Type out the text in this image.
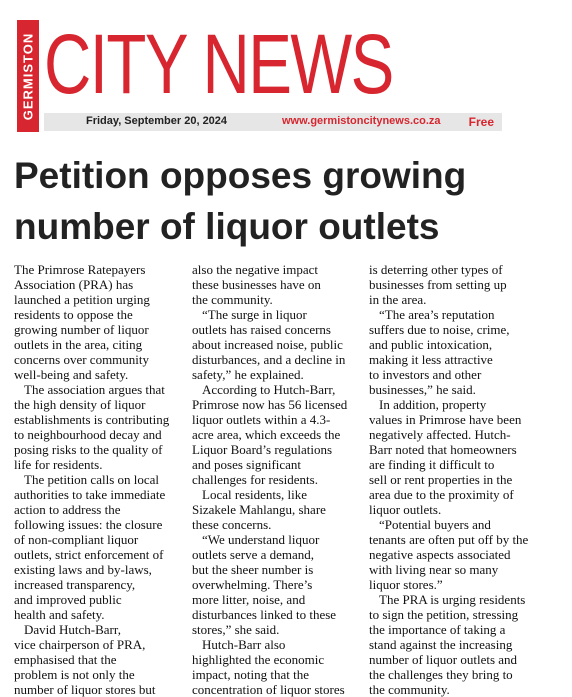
GERMISTON CITY NEWS
Friday, September 20, 2024	www.germistoncitynews.co.za Free
Petition opposes growing
number of liquor outlets
The Primrose Ratepayers
Association (PRA) has
launched a petition urging
residents to oppose the
growing number of liquor
outlets in the area, citing
concerns over community
well-being and safety.
The association argues that
the high density of liquor
establishments is contributing
to neighbourhood decay and
posing risks to the quality of
life for residents.
The petition calls on local
authorities to take immediate
action to address the
following issues: the closure
of non-compliant liquor
outlets, strict enforcement of
existing laws and by-laws,
increased transparency,
and improved public
health and safety.
David Hutch-Barr,
vice chairperson of PRA,
emphasised that the
problem is not only the
number of liquor stores but
also the negative impact
these businesses have on
the community.
“The surge in liquor
outlets has raised concerns
about increased noise, public
disturbances, and a decline in
safety,” he explained.
According to Hutch-Barr,
Primrose now has 56 licensed
liquor outlets within a 4.3-
acre area, which exceeds the
Liquor Board’s regulations
and poses significant
challenges for residents.
Local residents, like
Sizakele Mahlangu, share
these concerns.
“We understand liquor
outlets serve a demand,
but the sheer number is
overwhelming. There’s
more litter, noise, and
disturbances linked to these
stores,” she said.
Hutch-Barr also
highlighted the economic
impact, noting that the
concentration of liquor stores
is deterring other types of
businesses from setting up
in the area.
“The area’s reputation
suffers due to noise, crime,
and public intoxication,
making it less attractive
to investors and other
businesses,” he said.
In addition, property
values in Primrose have been
negatively affected. Hutch-
Barr noted that homeowners
are finding it difficult to
sell or rent properties in the
area due to the proximity of
liquor outlets.
“Potential buyers and
tenants are often put off by the
negative aspects associated
with living near so many
liquor stores.”
The PRA is urging residents
to sign the petition, stressing
the importance of taking a
stand against the increasing
number of liquor outlets and
the challenges they bring to
the community.
